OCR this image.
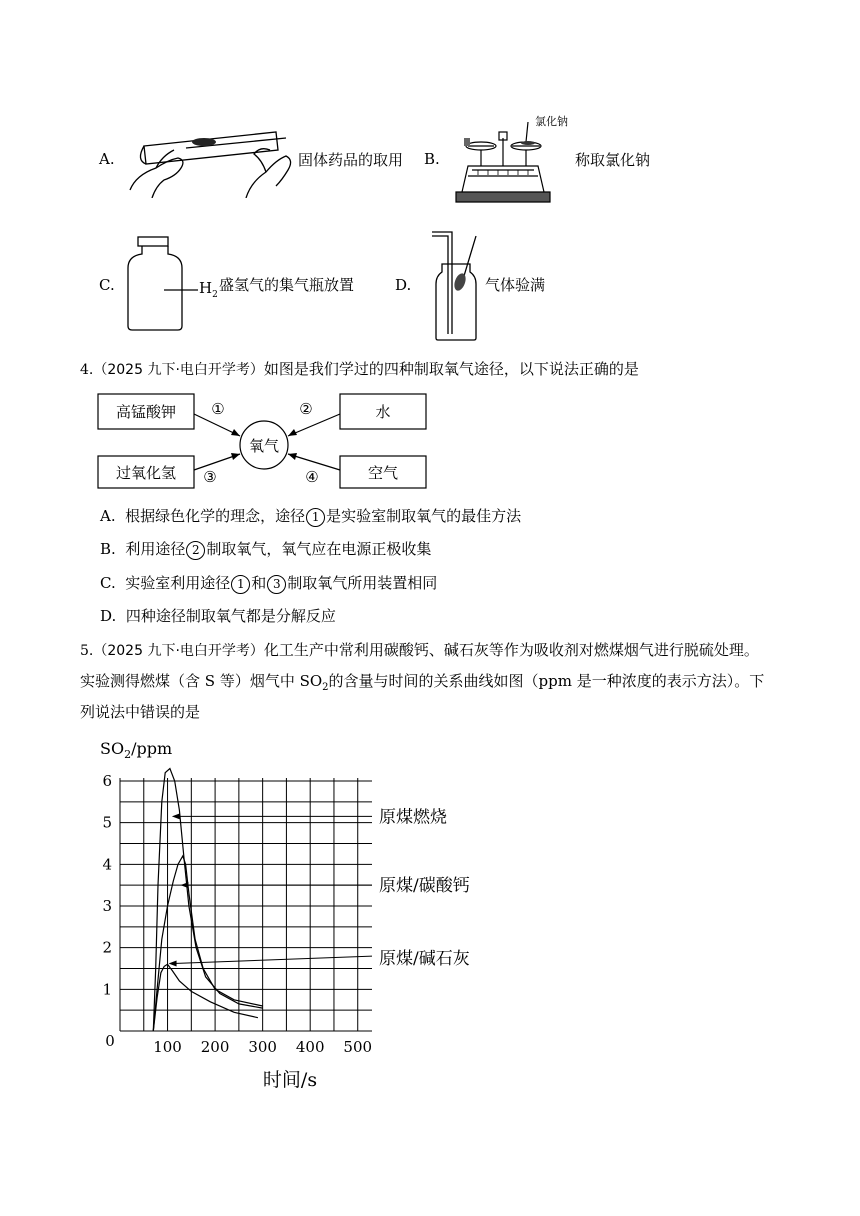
A.	固体药品的取用 B.
氯化钠
称取氯化钠
C.	$H_2$
盛氢气的集气瓶放置	D.	气体验满
4.（2025 九下·电白开学考）如图是我们学过的四种制取氧气途径，以下说法正确的是
高锰酸钾	水
过氧化氢	空气
氧气
①	②
③	④
A. 根据绿色化学的理念，途径 1 是实验室制取氧气的最佳方法
B. 利用途径 2 制取氧气，氧气应在电源正极收集
C. 实验室利用途径 1 和 3 制取氧气所用装置相同
D. 四种途径制取氧气都是分解反应
5.（2025 九下·电白开学考）化工生产中常利用碳酸钙、碱石灰等作为吸收剂对燃煤烟气进行脱硫处理。
实验测得燃煤（含 S 等）烟气中 $SO_2$的含量与时间的关系曲线如图（ppm 是一种浓度的表示方法）。下
列说法中错误的是
100 200 300 400 500
1
2
3
4
5
6
0
原煤燃烧
原煤/碳酸钙
原煤/碱石灰
$SO_2$/ppm
时间/s
